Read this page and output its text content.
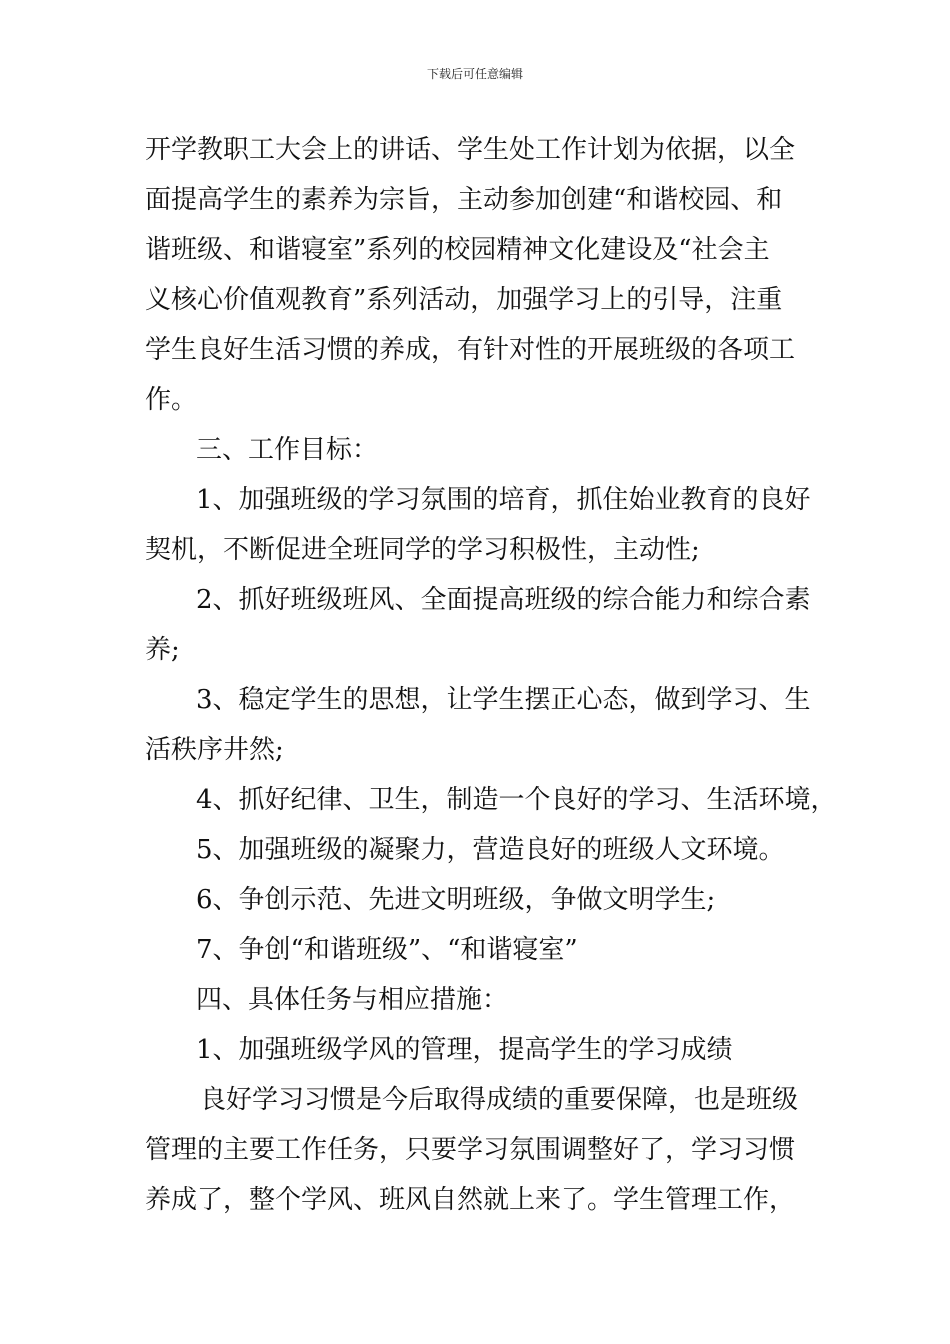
下载后可任意编辑
开学教职工大会上的讲话、学生处工作计划为依据，以全
面提高学生的素养为宗旨，主动参加创建“和谐校园、和
谐班级、和谐寝室”系列的校园精神文化建设及“社会主
义核心价值观教育”系列活动，加强学习上的引导，注重
学生良好生活习惯的养成，有针对性的开展班级的各项工
作。
三、工作目标：
1、加强班级的学习氛围的培育，抓住始业教育的良好
契机，不断促进全班同学的学习积极性，主动性;
2、抓好班级班风、全面提高班级的综合能力和综合素
养;
3、稳定学生的思想，让学生摆正心态，做到学习、生
活秩序井然;
4、抓好纪律、卫生，制造一个良好的学习、生活环境，
5、加强班级的凝聚力，营造良好的班级人文环境。
6、争创示范、先进文明班级，争做文明学生;
7、争创“和谐班级”、“和谐寝室”
四、具体任务与相应措施：
1、加强班级学风的管理，提高学生的学习成绩
良好学习习惯是今后取得成绩的重要保障，也是班级
管理的主要工作任务，只要学习氛围调整好了，学习习惯
养成了，整个学风、班风自然就上来了。学生管理工作，
